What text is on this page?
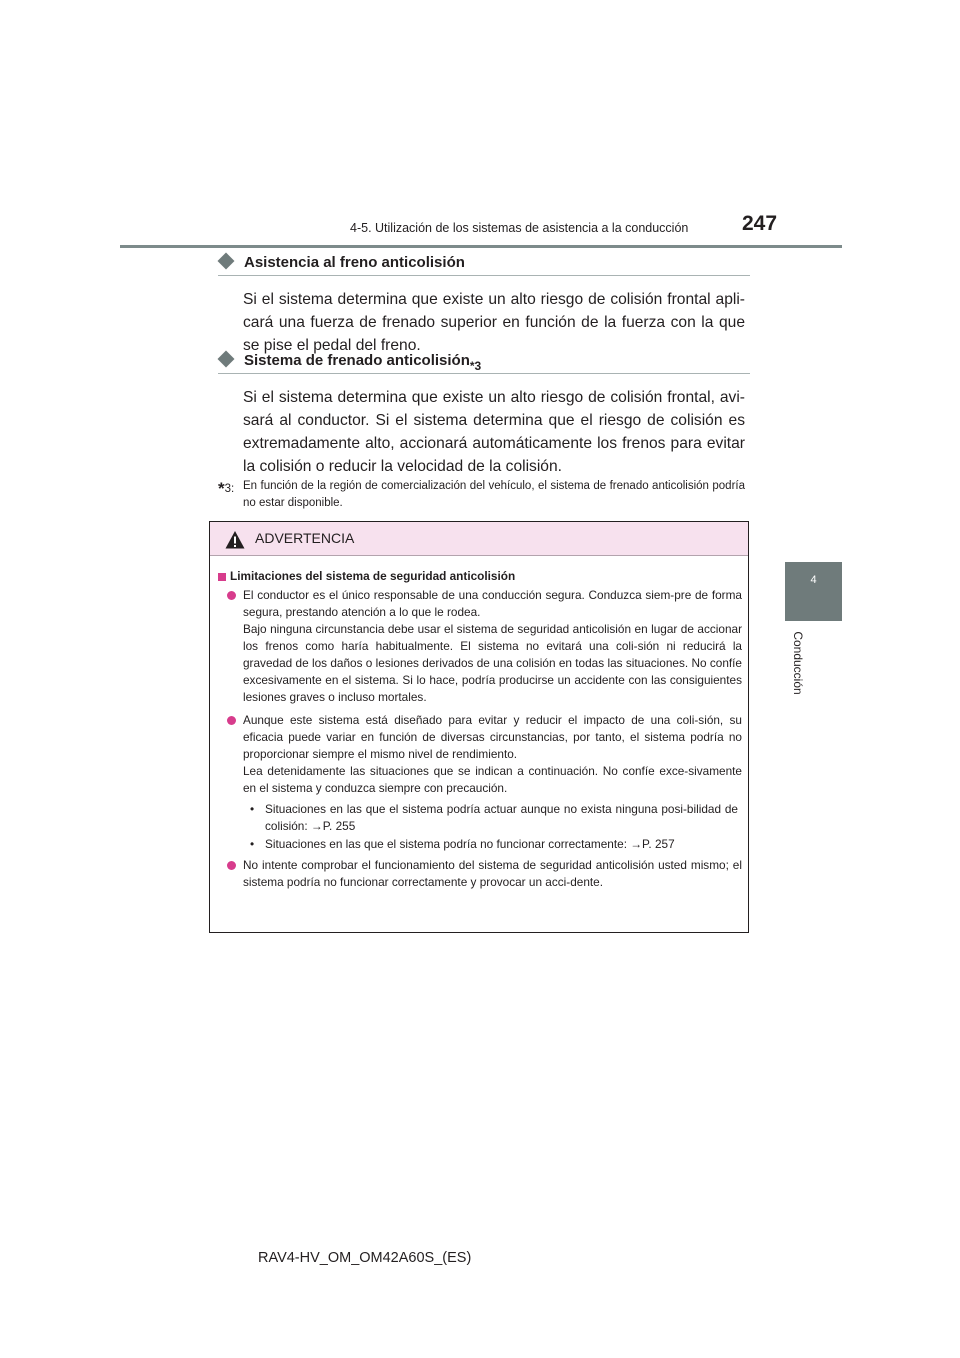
4-5. Utilización de los sistemas de asistencia a la conducción	247
4
Conducción
Asistencia al freno anticolisión
Si el sistema determina que existe un alto riesgo de colisión frontal apli-cará una fuerza de frenado superior en función de la fuerza con la que se pise el pedal del freno.
Sistema de frenado anticolisión$^{*3}$
Si el sistema determina que existe un alto riesgo de colisión frontal, avi-sará al conductor. Si el sistema determina que el riesgo de colisión es extremadamente alto, accionará automáticamente los frenos para evitar la colisión o reducir la velocidad de la colisión.
*3: En función de la región de comercialización del vehículo, el sistema de frenado anticolisión podría no estar disponible.
ADVERTENCIA
Limitaciones del sistema de seguridad anticolisión
El conductor es el único responsable de una conducción segura. Conduzca siem-pre de forma segura, prestando atención a lo que le rodea.
Bajo ninguna circunstancia debe usar el sistema de seguridad anticolisión en lugar de accionar los frenos como haría habitualmente. El sistema no evitará una coli-sión ni reducirá la gravedad de los daños o lesiones derivados de una colisión en todas las situaciones. No confíe excesivamente en el sistema. Si lo hace, podría producirse un accidente con las consiguientes lesiones graves o incluso mortales.
Aunque este sistema está diseñado para evitar y reducir el impacto de una coli-sión, su eficacia puede variar en función de diversas circunstancias, por tanto, el sistema podría no proporcionar siempre el mismo nivel de rendimiento.
Lea detenidamente las situaciones que se indican a continuación. No confíe exce-sivamente en el sistema y conduzca siempre con precaución.
• Situaciones en las que el sistema podría actuar aunque no exista ninguna posi-bilidad de colisión: →P. 255
• Situaciones en las que el sistema podría no funcionar correctamente: →P. 257
No intente comprobar el funcionamiento del sistema de seguridad anticolisión usted mismo; el sistema podría no funcionar correctamente y provocar un acci-dente.
RAV4-HV_OM_OM42A60S_(ES)
